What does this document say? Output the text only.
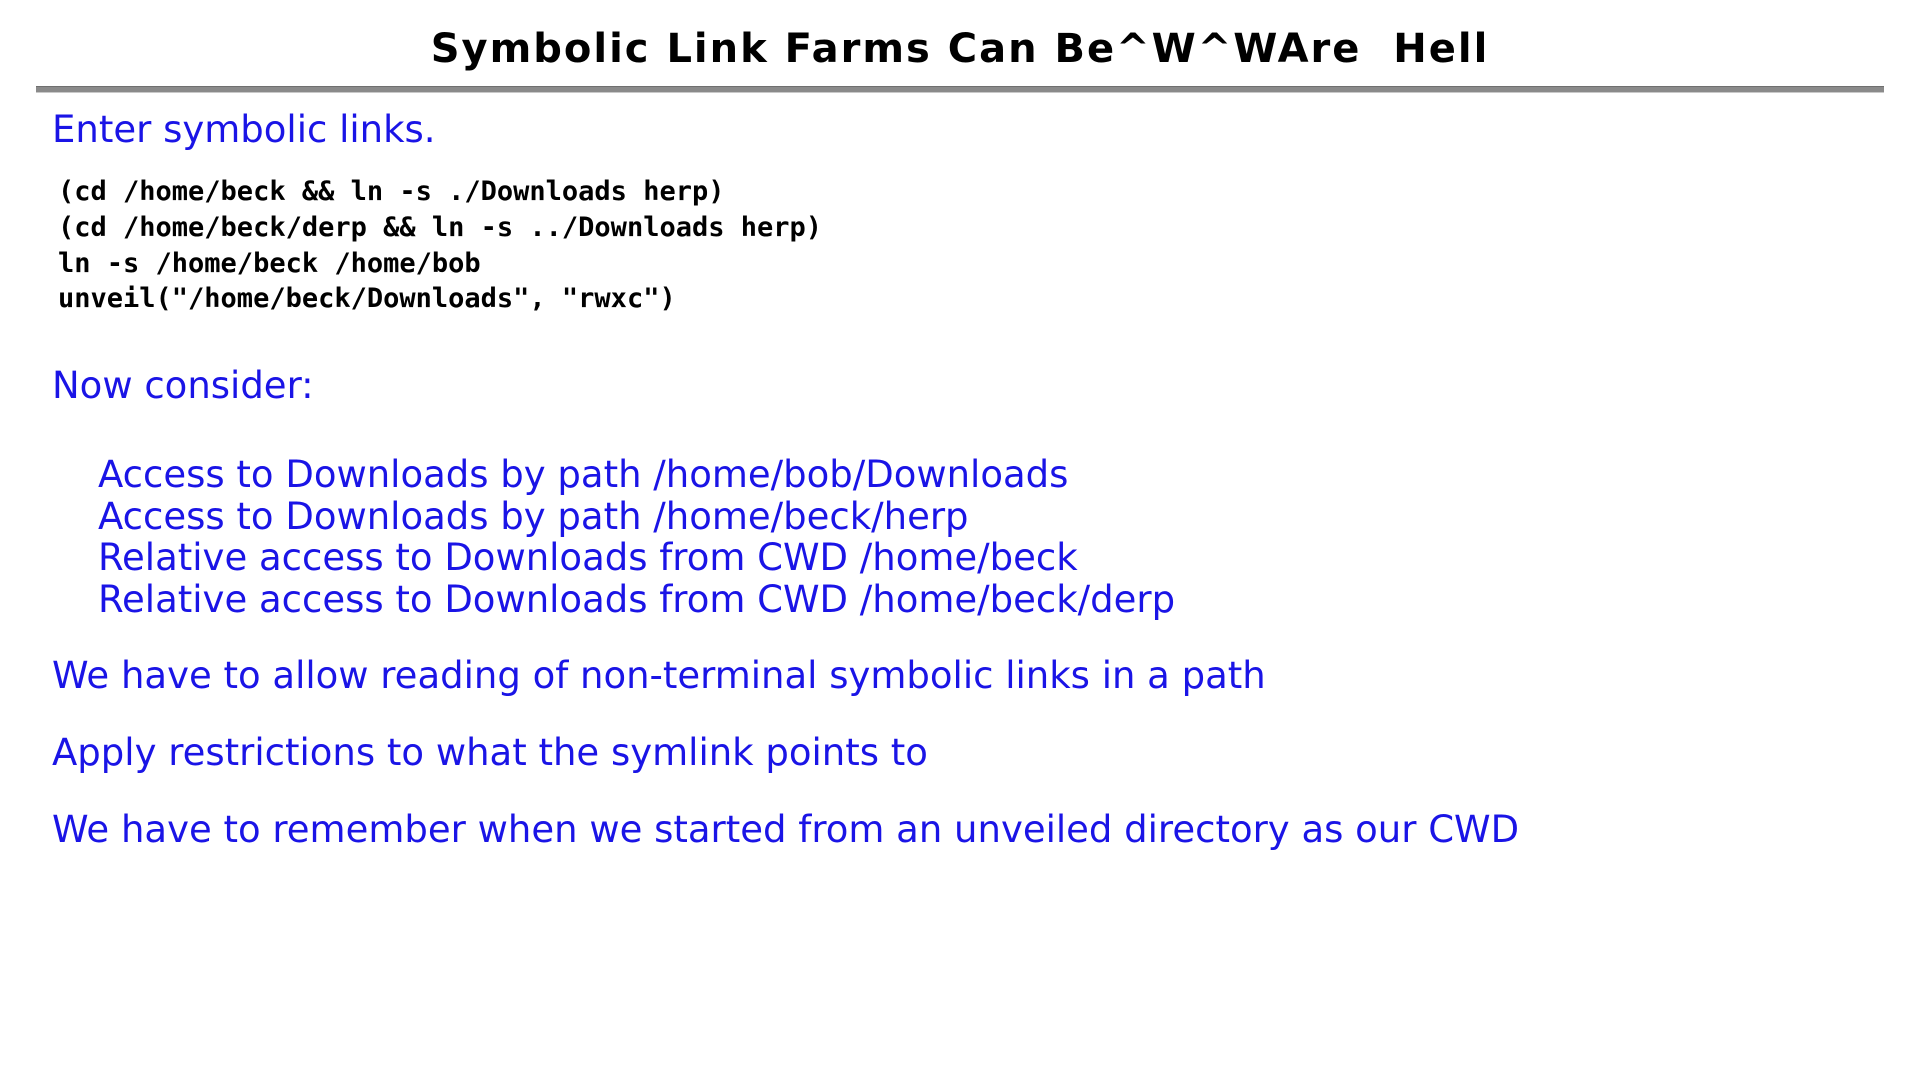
Symbolic Link Farms Can Be^W^WAre  Hell
Enter symbolic links.
(cd /home/beck && ln -s ./Downloads herp)
(cd /home/beck/derp && ln -s ../Downloads herp)
ln -s /home/beck /home/bob
unveil("/home/beck/Downloads", "rwxc")
Now consider:
Access to Downloads by path /home/bob/Downloads
Access to Downloads by path /home/beck/herp
Relative access to Downloads from CWD /home/beck
Relative access to Downloads from CWD /home/beck/derp
We have to allow reading of non-terminal symbolic links in a path
Apply restrictions to what the symlink points to
We have to remember when we started from an unveiled directory as our CWD
